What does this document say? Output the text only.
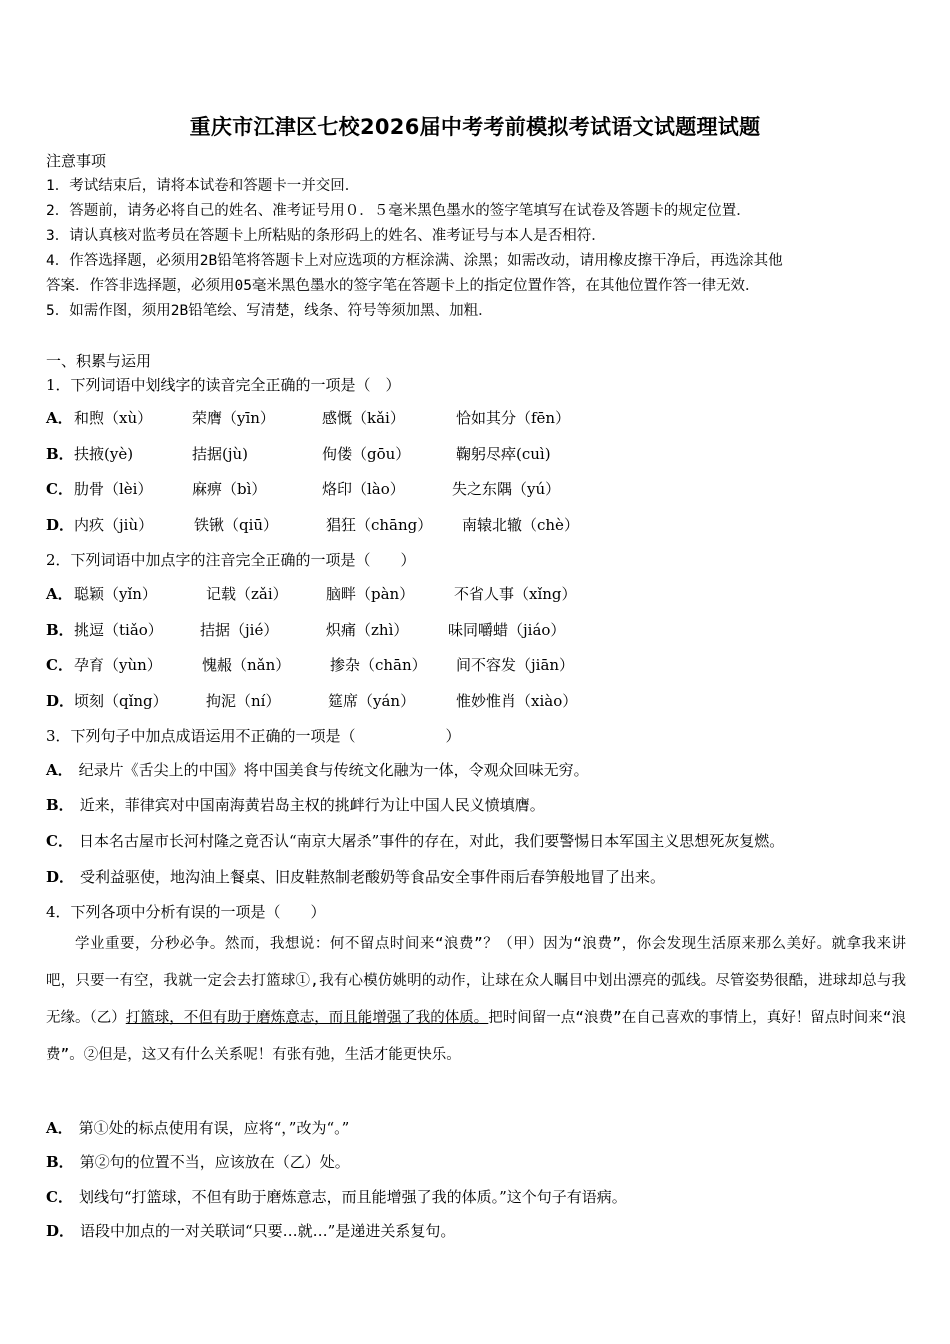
重庆市江津区七校2026届中考考前模拟考试语文试题理试题
注意事项
1．考试结束后，请将本试卷和答题卡一并交回．
2．答题前，请务必将自己的姓名、准考证号用０．５毫米黑色墨水的签字笔填写在试卷及答题卡的规定位置．
3．请认真核对监考员在答题卡上所粘贴的条形码上的姓名、准考证号与本人是否相符．
4．作答选择题，必须用2B铅笔将答题卡上对应选项的方框涂满、涂黑；如需改动，请用橡皮擦干净后，再选涂其他
答案．作答非选择题，必须用05毫米黑色墨水的签字笔在答题卡上的指定位置作答，在其他位置作答一律无效．
5．如需作图，须用2B铅笔绘、写清楚，线条、符号等须加黑、加粗．
一、积累与运用
1．下列词语中划线字的读音完全正确的一项是（　）
A． 和煦（xù）	荣膺（yīn）	感慨（kǎi）	恰如其分（fēn）
B． 扶掖(yè)	拮据(jù)	佝偻（gōu）	鞠躬尽瘁(cuì)
C． 肋骨（lèi）	麻痹（bì）	烙印（lào）	失之东隅（yú）
D． 内疚（jiù）	铁锹（qiū）	猖狂（chāng） 南辕北辙（chè）
2．下列词语中加点字的注音完全正确的一项是（　　）
A． 聪颖（yǐn）	记载（zǎi）	脑畔（pàn）	不省人事（xǐng）
B． 挑逗（tiǎo） 拮据（jié）	炽痛（zhì）	味同嚼蜡（jiáo）
C． 孕育（yùn）	愧赧（nǎn）	掺杂（chān） 间不容发（jiān）
D． 顷刻（qǐng）	拘泥（ní）	筵席（yán）	惟妙惟肖（xiào）
3．下列句子中加点成语运用不正确的一项是（　　　　　　）
A． 纪录片《舌尖上的中国》将中国美食与传统文化融为一体，令观众回味无穷。
B． 近来，菲律宾对中国南海黄岩岛主权的挑衅行为让中国人民义愤填膺。
C． 日本名古屋市长河村隆之竟否认“南京大屠杀”事件的存在，对此，我们要警惕日本军国主义思想死灰复燃。
D． 受利益驱使，地沟油上餐桌、旧皮鞋熬制老酸奶等食品安全事件雨后春笋般地冒了出来。
4．下列各项中分析有误的一项是（　　）

学业重要，分秒必争。然而，我想说：何不留点时间来“浪费”？（甲）因为“浪费”，你会发现生活原来那么美好。就拿我来讲吧，只要一有空，我就一定会去打篮球①,我有心模仿姚明的动作，让球在众人瞩目中划出漂亮的弧线。尽管姿势很酷，进球却总与我无缘。（乙）打篮球，不但有助于磨炼意志，而且能增强了我的体质。把时间留一点“浪费”在自己喜欢的事情上，真好！留点时间来“浪费”。②但是，这又有什么关系呢！有张有弛，生活才能更快乐。

A． 第①处的标点使用有误，应将“，”改为“。”
B． 第②句的位置不当，应该放在（乙）处。
C． 划线句“打篮球，不但有助于磨炼意志，而且能增强了我的体质。”这个句子有语病。
D． 语段中加点的一对关联词“只要…就…”是递进关系复句。
